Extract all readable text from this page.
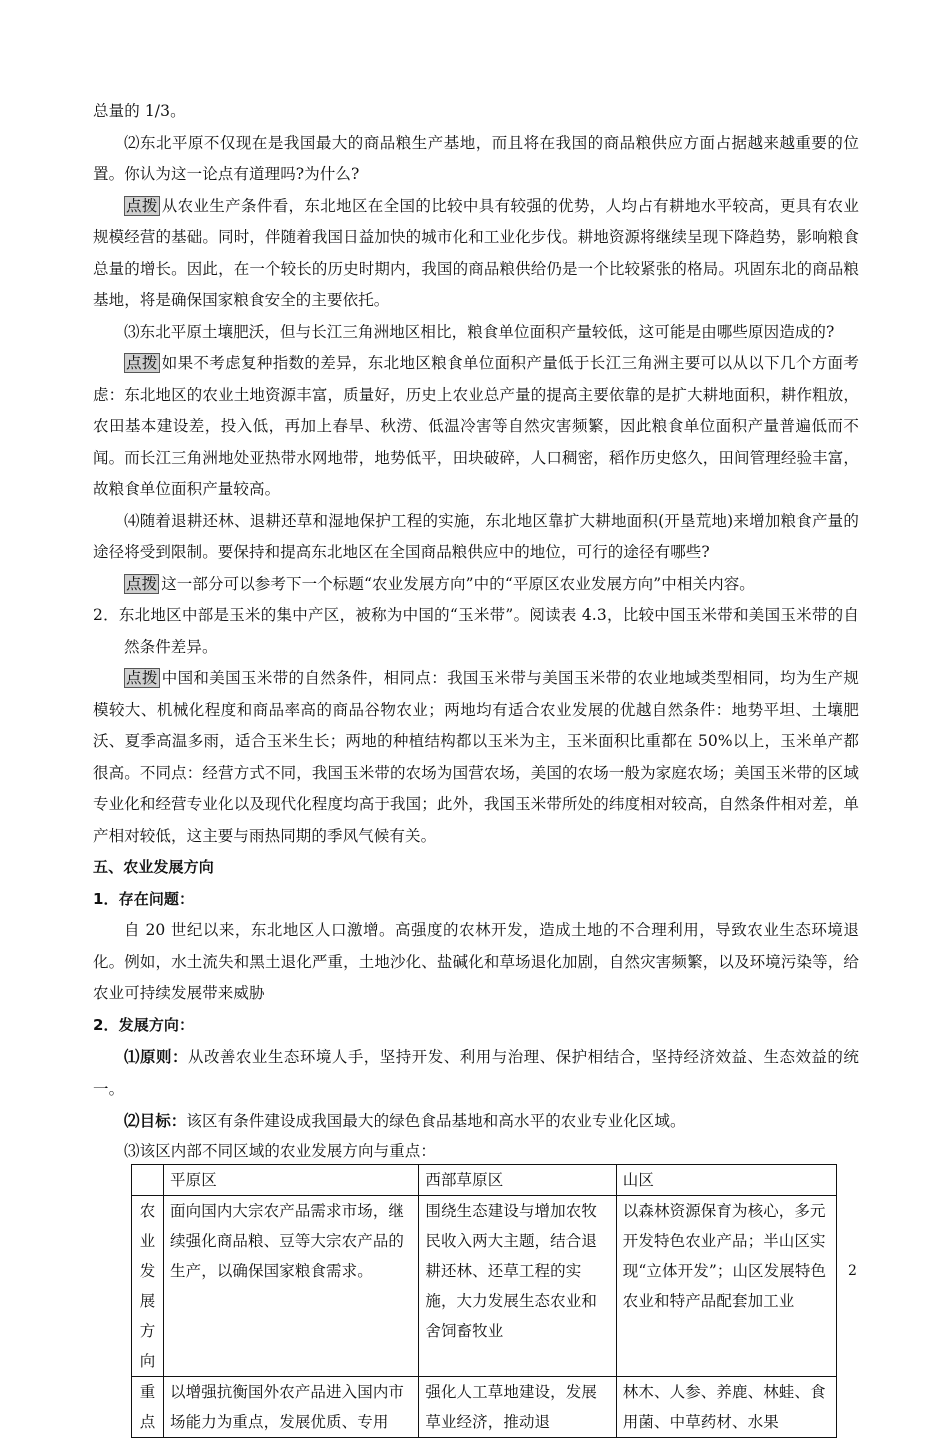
总量的 1/3。

⑵东北平原不仅现在是我国最大的商品粮生产基地，而且将在我国的商品粮供应方面占据越来越重要的位置。你认为这一论点有道理吗?为什么?

点拨 从农业生产条件看，东北地区在全国的比较中具有较强的优势，人均占有耕地水平较高，更具有农业规模经营的基础。同时，伴随着我国日益加快的城市化和工业化步伐。耕地资源将继续呈现下降趋势，影响粮食总量的增长。因此，在一个较长的历史时期内，我国的商品粮供给仍是一个比较紧张的格局。巩固东北的商品粮基地，将是确保国家粮食安全的主要依托。

⑶东北平原土壤肥沃，但与长江三角洲地区相比，粮食单位面积产量较低，这可能是由哪些原因造成的?

点拨 如果不考虑复种指数的差异，东北地区粮食单位面积产量低于长江三角洲主要可以从以下几个方面考虑：东北地区的农业土地资源丰富，质量好，历史上农业总产量的提高主要依靠的是扩大耕地面积，耕作粗放，农田基本建设差，投入低，再加上春旱、秋涝、低温冷害等自然灾害频繁，因此粮食单位面积产量普遍低而不闻。而长江三角洲地处亚热带水网地带，地势低平，田块破碎，人口稠密，稻作历史悠久，田间管理经验丰富，故粮食单位面积产量较高。

⑷随着退耕还林、退耕还草和湿地保护工程的实施，东北地区靠扩大耕地面积(开垦荒地)来增加粮食产量的途径将受到限制。要保持和提高东北地区在全国商品粮供应中的地位，可行的途径有哪些?

点拨 这一部分可以参考下一个标题“农业发展方向”中的“平原区农业发展方向”中相关内容。

2．东北地区中部是玉米的集中产区，被称为中国的“玉米带”。阅读表 4.3，比较中国玉米带和美国玉米带的自然条件差异。

点拨 中国和美国玉米带的自然条件，相同点：我国玉米带与美国玉米带的农业地域类型相同，均为生产规模较大、机械化程度和商品率高的商品谷物农业；两地均有适合农业发展的优越自然条件：地势平坦、土壤肥沃、夏季高温多雨，适合玉米生长；两地的种植结构都以玉米为主，玉米面积比重都在 50%以上，玉米单产都很高。不同点：经营方式不同，我国玉米带的农场为国营农场，美国的农场一般为家庭农场；美国玉米带的区域专业化和经营专业化以及现代化程度均高于我国；此外，我国玉米带所处的纬度相对较高，自然条件相对差，单产相对较低，这主要与雨热同期的季风气候有关。

五、农业发展方向

1．存在问题：

自 20 世纪以来，东北地区人口激增。高强度的农林开发，造成土地的不合理利用，导致农业生态环境退化。例如，水土流失和黑土退化严重，土地沙化、盐碱化和草场退化加剧，自然灾害频繁，以及环境污染等，给农业可持续发展带来威胁

2．发展方向：

⑴原则：从改善农业生态环境人手，坚持开发、利用与治理、保护相结合，坚持经济效益、生态效益的统一。

⑵目标：该区有条件建设成我国最大的绿色食品基地和高水平的农业专业化区域。

⑶该区内部不同区域的农业发展方向与重点：

	平原区	西部草原区	山区
农业发展方向	面向国内大宗农产品需求市场，继续强化商品粮、豆等大宗农产品的生产，以确保国家粮食需求。	围绕生态建设与增加农牧民收入两大主题，结合退耕还林、还草工程的实施，大力发展生态农业和舍饲畜牧业	以森林资源保育为核心，多元开发特色农业产品；半山区实现“立体开发”；山区发展特色农业和特产品配套加工业
重点	以增强抗衡国外农产品进入国内市场能力为重点，发展优质、专用	强化人工草地建设，发展草业经济，推动退	林木、人参、养鹿、林蛙、食用菌、中草药材、水果
2
